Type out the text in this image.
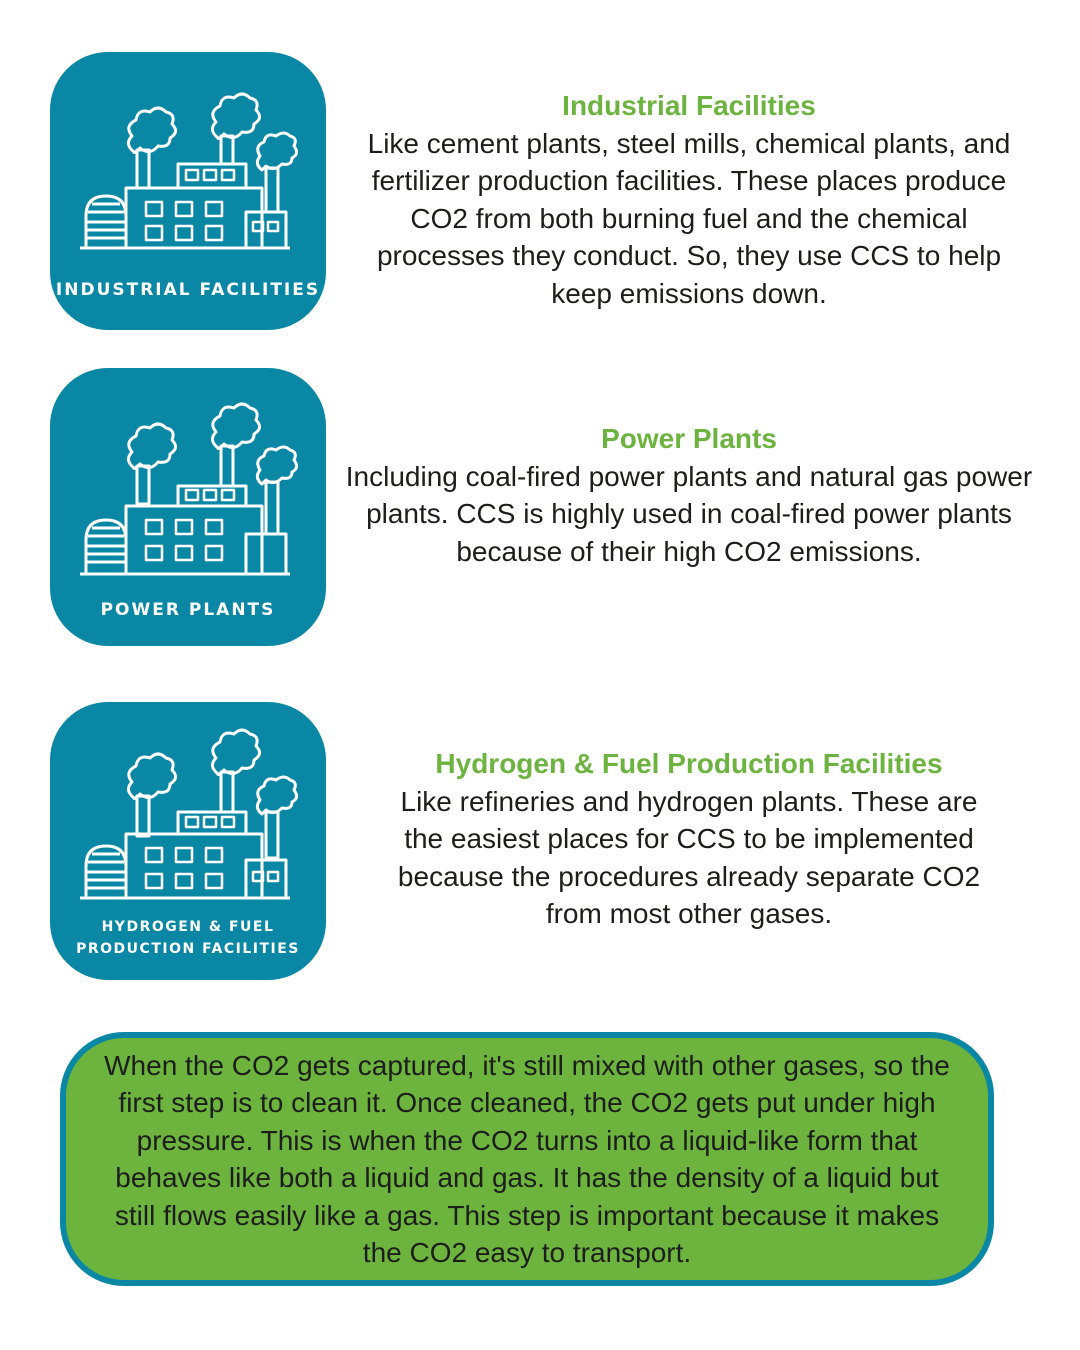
INDUSTRIAL FACILITIES
Industrial Facilities

Like cement plants, steel mills, chemical plants, and fertilizer production facilities. These places produce CO2 from both burning fuel and the chemical processes they conduct. So, they use CCS to help keep emissions down.

POWER PLANTS
Power Plants

Including coal-fired power plants and natural gas power plants. CCS is highly used in coal-fired power plants because of their high CO2 emissions.

HYDROGEN & FUEL
PRODUCTION FACILITIES
Hydrogen & Fuel Production Facilities

Like refineries and hydrogen plants. These are the easiest places for CCS to be implemented because the procedures already separate CO2 from most other gases.

When the CO2 gets captured, it's still mixed with other gases, so the first step is to clean it. Once cleaned, the CO2 gets put under high pressure. This is when the CO2 turns into a liquid-like form that behaves like both a liquid and gas. It has the density of a liquid but still flows easily like a gas. This step is important because it makes the CO2 easy to transport.
